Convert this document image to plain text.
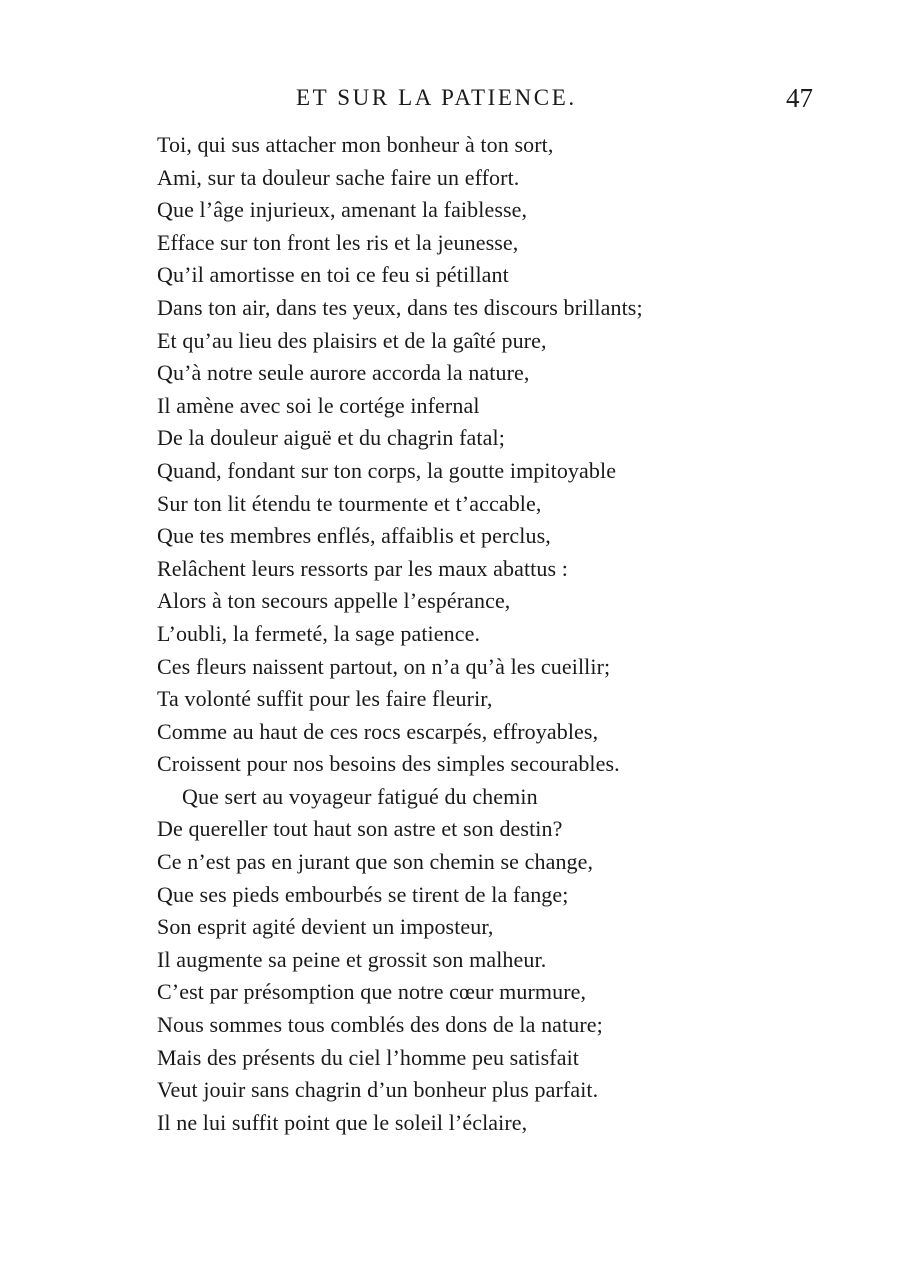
ET SUR LA PATIENCE.	47
Toi, qui sus attacher mon bonheur à ton sort,
Ami, sur ta douleur sache faire un effort.
Que l’âge injurieux, amenant la faiblesse,
Efface sur ton front les ris et la jeunesse,
Qu’il amortisse en toi ce feu si pétillant
Dans ton air, dans tes yeux, dans tes discours brillants;
Et qu’au lieu des plaisirs et de la gaîté pure,
Qu’à notre seule aurore accorda la nature,
Il amène avec soi le cortége infernal
De la douleur aiguë et du chagrin fatal;
Quand, fondant sur ton corps, la goutte impitoyable
Sur ton lit étendu te tourmente et t’accable,
Que tes membres enflés, affaiblis et perclus,
Relâchent leurs ressorts par les maux abattus :
Alors à ton secours appelle l’espérance,
L’oubli, la fermeté, la sage patience.
Ces fleurs naissent partout, on n’a qu’à les cueillir;
Ta volonté suffit pour les faire fleurir,
Comme au haut de ces rocs escarpés, effroyables,
Croissent pour nos besoins des simples secourables.
Que sert au voyageur fatigué du chemin
De quereller tout haut son astre et son destin?
Ce n’est pas en jurant que son chemin se change,
Que ses pieds embourbés se tirent de la fange;
Son esprit agité devient un imposteur,
Il augmente sa peine et grossit son malheur.
C’est par présomption que notre cœur murmure,
Nous sommes tous comblés des dons de la nature;
Mais des présents du ciel l’homme peu satisfait
Veut jouir sans chagrin d’un bonheur plus parfait.
Il ne lui suffit point que le soleil l’éclaire,
